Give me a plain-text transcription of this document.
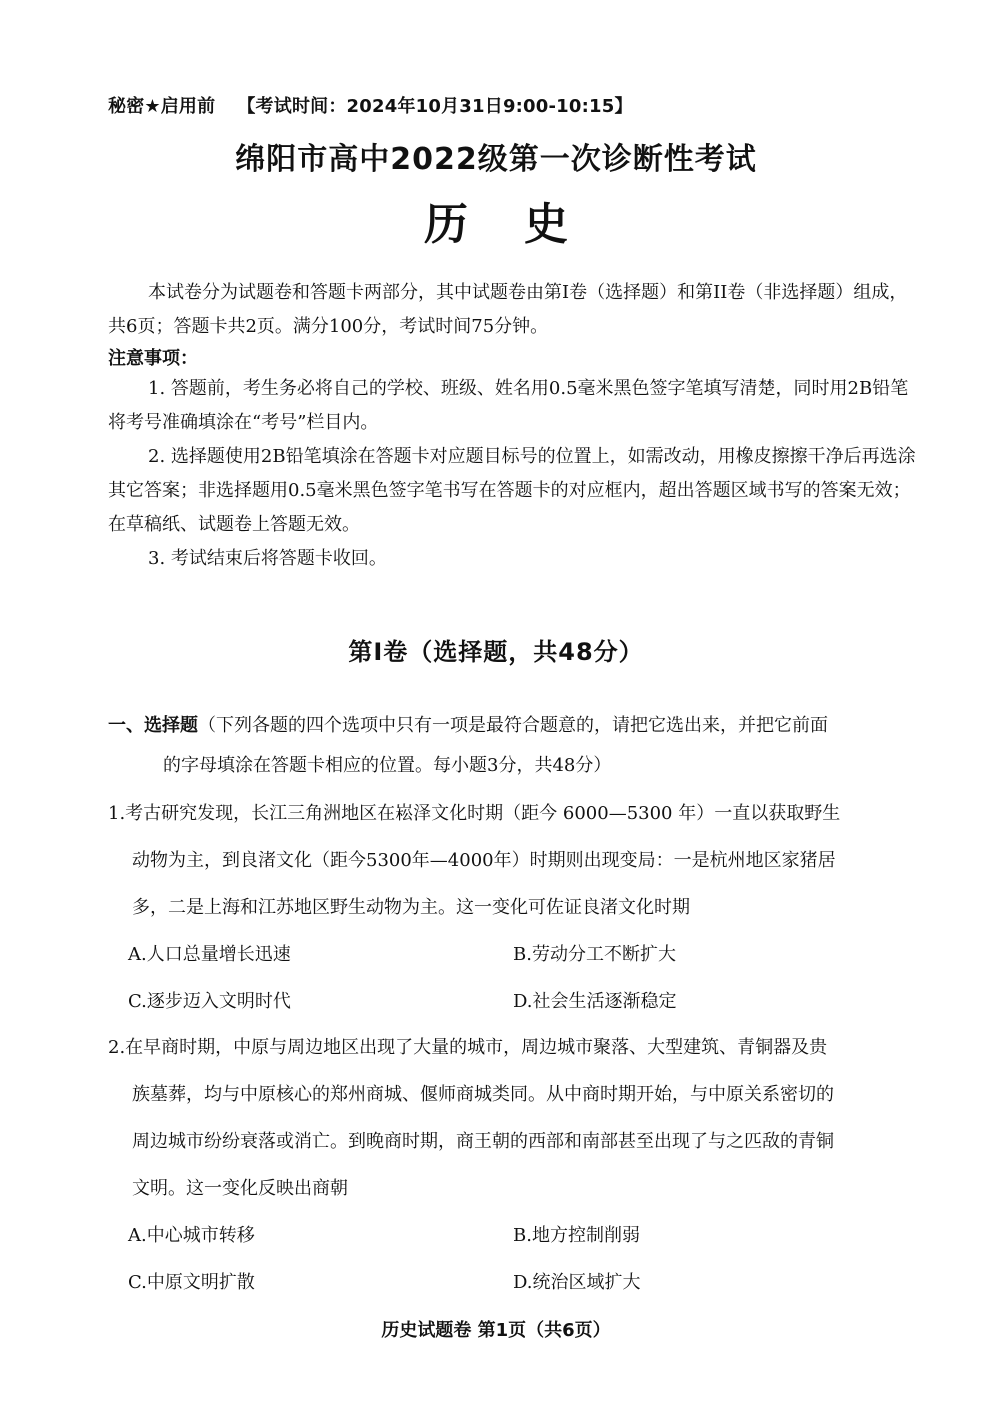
秘密★启用前 【考试时间：2024年10月31日9:00-10:15】
绵阳市高中2022级第一次诊断性考试
历史
本试卷分为试题卷和答题卡两部分，其中试题卷由第I卷（选择题）和第II卷（非选择题）组成，共6页；答题卡共2页。满分100分，考试时间75分钟。
注意事项：

1. 答题前，考生务必将自己的学校、班级、姓名用0.5毫米黑色签字笔填写清楚，同时用2B铅笔将考号准确填涂在“考号”栏目内。

2. 选择题使用2B铅笔填涂在答题卡对应题目标号的位置上，如需改动，用橡皮擦擦干净后再选涂其它答案；非选择题用0.5毫米黑色签字笔书写在答题卡的对应框内，超出答题区域书写的答案无效；在草稿纸、试题卷上答题无效。

3. 考试结束后将答题卡收回。

第Ⅰ卷（选择题，共48分）
一、选择题（下列各题的四个选项中只有一项是最符合题意的，请把它选出来，并把它前面
的字母填涂在答题卡相应的位置。每小题3分，共48分）
1.考古研究发现，长江三角洲地区在崧泽文化时期（距今 6000—5300 年）一直以获取野生
动物为主，到良渚文化（距今5300年—4000年）时期则出现变局：一是杭州地区家猪居
多，二是上海和江苏地区野生动物为主。这一变化可佐证良渚文化时期
A.人口总量增长迅速	B.劳动分工不断扩大
C.逐步迈入文明时代	D.社会生活逐渐稳定
2.在早商时期，中原与周边地区出现了大量的城市，周边城市聚落、大型建筑、青铜器及贵
族墓葬，均与中原核心的郑州商城、偃师商城类同。从中商时期开始，与中原关系密切的
周边城市纷纷衰落或消亡。到晚商时期，商王朝的西部和南部甚至出现了与之匹敌的青铜
文明。这一变化反映出商朝
A.中心城市转移	B.地方控制削弱
C.中原文明扩散	D.统治区域扩大
历史试题卷 第1页（共6页）
